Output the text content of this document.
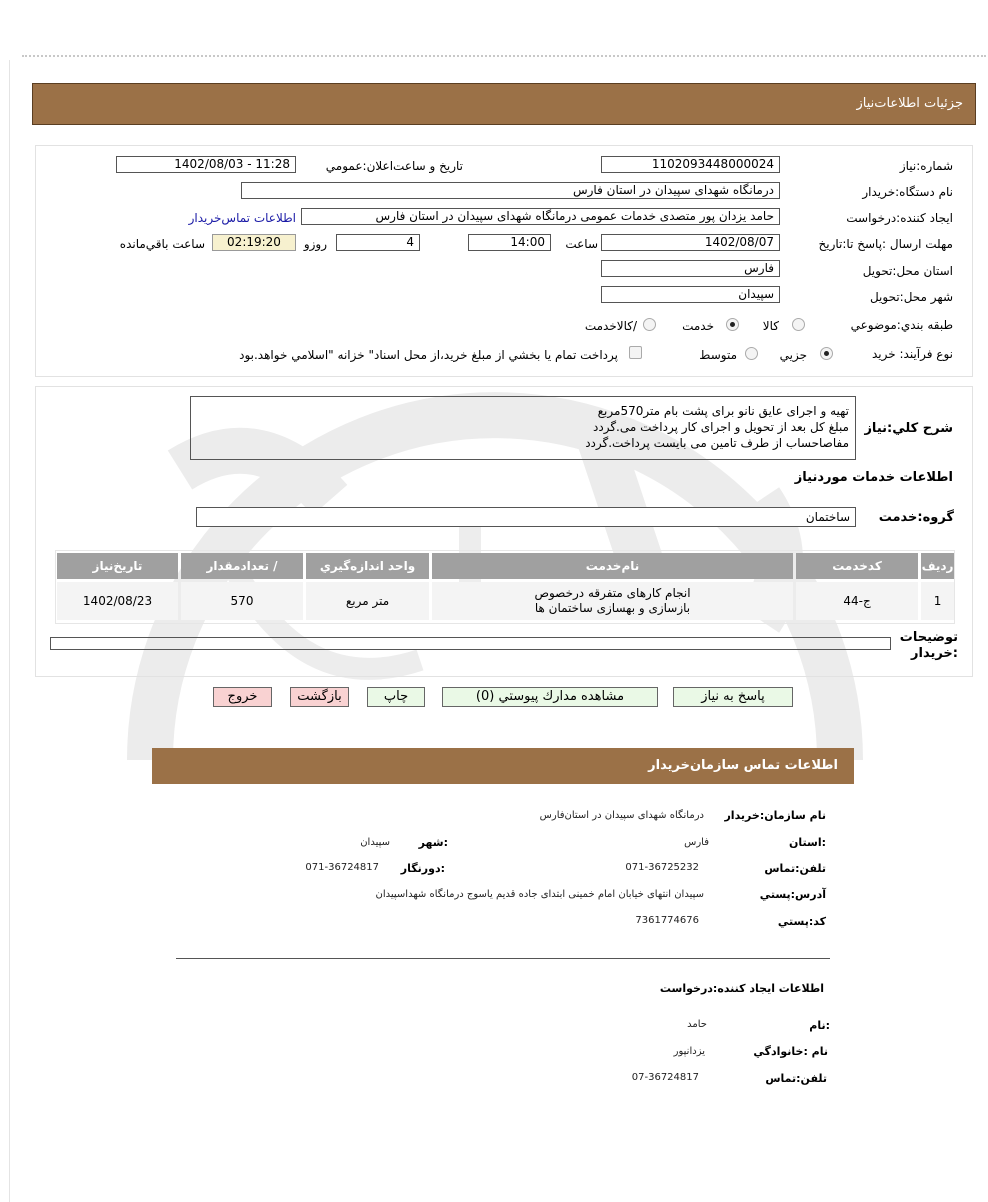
جزئيات اطلاعات‌نياز
شماره:نياز
1102093448000024
تاريخ و ساعت‌اعلان:عمومي
1402/08/03 - 11:28
نام دستگاه:خريدار
درمانگاه شهدای سپیدان در استان فارس
ايجاد كننده:درخواست
حامد یزدان پور متصدی خدمات عمومی درمانگاه شهدای سپیدان در استان فارس
اطلاعات تماس‌خريدار
مهلت ارسال :پاسخ تا:تاريخ
1402/08/07
ساعت
14:00
4
روزو
02:19:20
ساعت باقي‌مانده
استان محل:تحويل
فارس
شهر محل:تحويل
سپیدان
طبقه بندي:موضوعي
كالا
خدمت
/كالاخدمت
نوع فرآيند: خريد
جزيي
متوسط
پرداخت تمام يا بخشي از مبلغ خريد،از محل اسناد" خزانه "اسلامي خواهد.بود
شرح كلي:نياز
تهیه و اجرای عایق نانو برای پشت بام متر570مربع
مبلغ کل بعد از تحویل و اجرای کار پرداخت می.گردد
مفاصاحساب از طرف تامین می بایست پرداخت.گردد
اطلاعات خدمات موردنياز
گروه:خدمت
ساختمان
رديف
كدخدمت
نام‌خدمت
واحد اندازه‌گيري
/ تعدادمقدار
تاريخ‌نياز
1
ج-44
انجام کارهای متفرقه درخصوص بازسازی و بهسازی ساختمان ها
متر مربع
570
1402/08/23
توضيحات :خريدار
پاسخ به نياز
مشاهده مدارك پيوستي (0)
چاپ
بازگشت
خروج
اطلاعات تماس سازمان‌خريدار
نام سازمان:خريدار
درمانگاه شهدای سپیدان در استان‌فارس
:استان
فارس
:شهر
سپیدان
تلفن:تماس
071-36725232
:دورنگار
071-36724817
آدرس:پستي
سپیدان انتهای خیابان امام خمینی ابتدای جاده قدیم یاسوج درمانگاه شهداسپیدان
كد:پستي
7361774676
اطلاعات ايجاد كننده:درخواست
:نام
حامد
نام :خانوادگي
یزدانپور
تلفن:تماس
07-36724817
